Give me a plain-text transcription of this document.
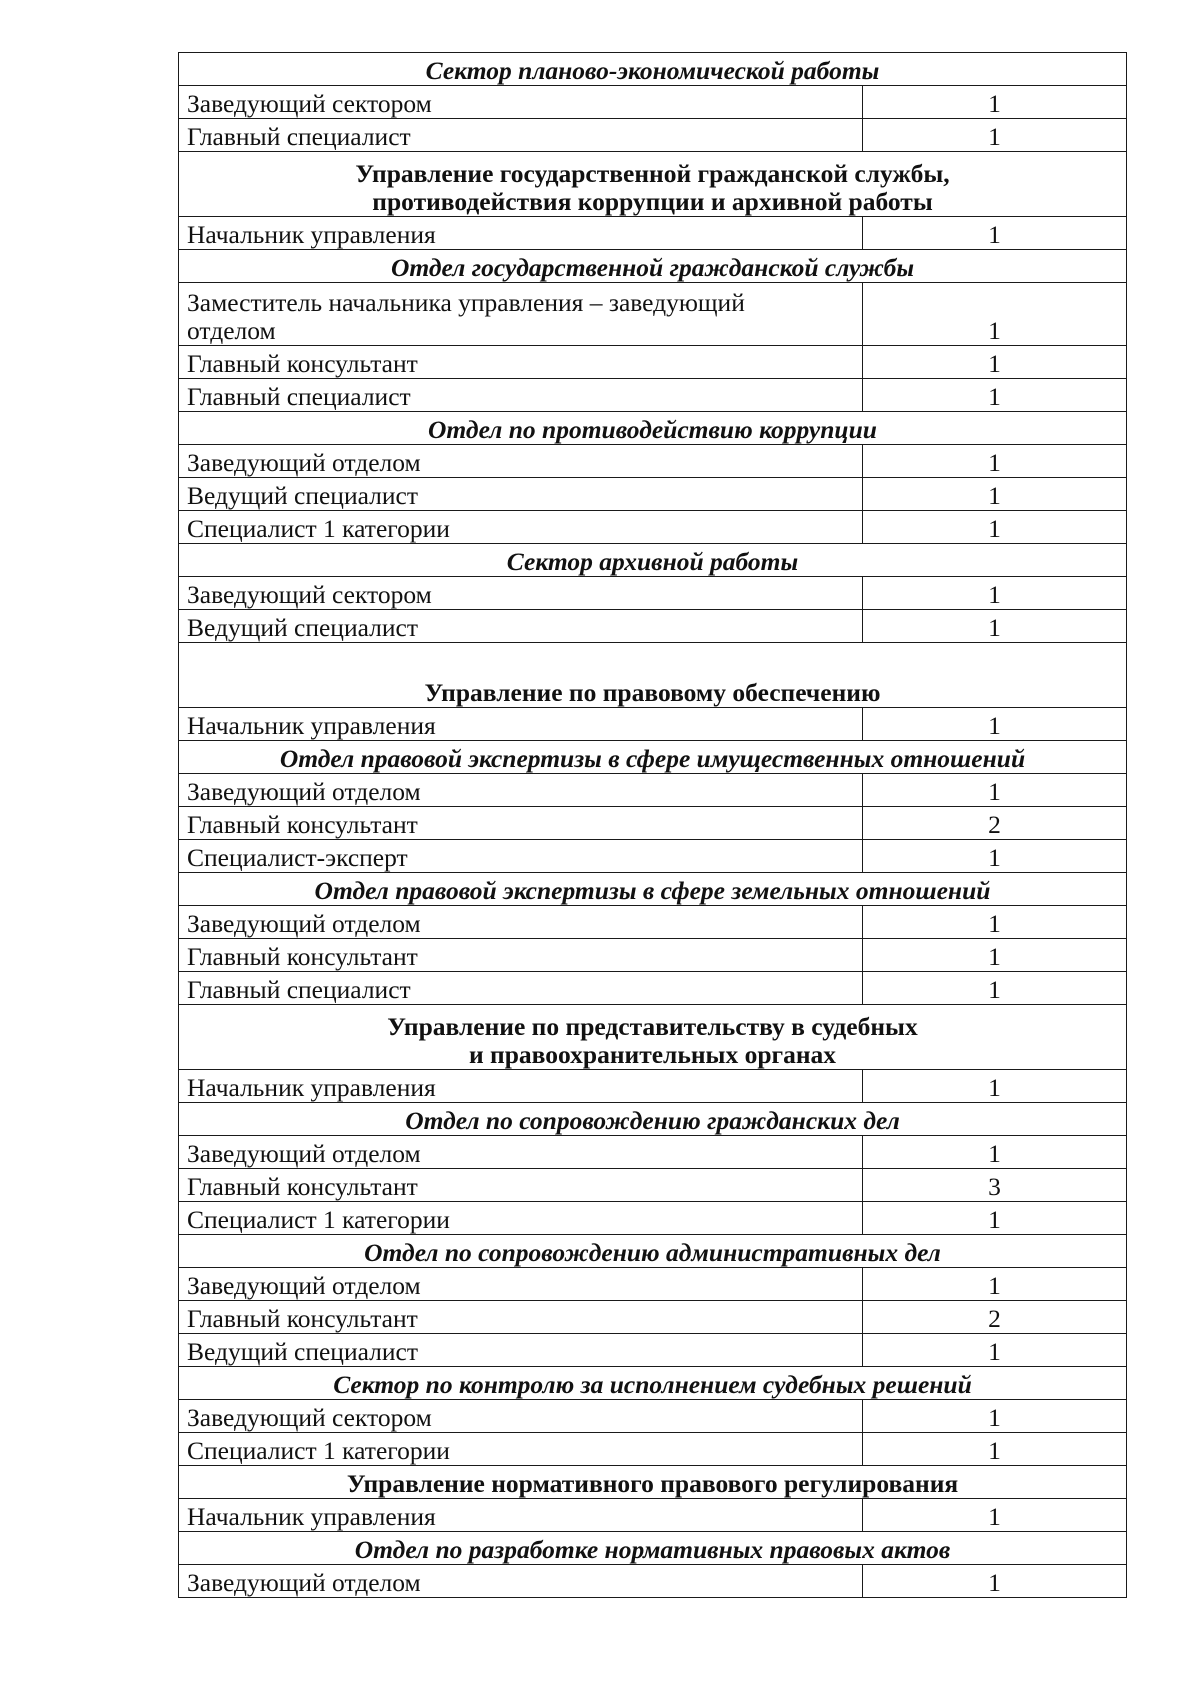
Сектор планово-экономической работы	
Заведующий сектором	1
Главный специалист	1

Управление государственной гражданской службы,
противодействия коррупции и архивной работы	

Начальник управления	1
Отдел государственной гражданской службы	

Заместитель начальника управления – заведующий
отделом	1
Главный консультант	1
Главный специалист	1
Отдел по противодействию коррупции	
Заведующий отделом	1
Ведущий специалист	1
Специалист 1 категории	1
Сектор архивной работы	
Заведующий сектором	1
Ведущий специалист	1

Управление по правовому обеспечению	

Начальник управления	1
Отдел правовой экспертизы в сфере имущественных отношений	
Заведующий отделом	1
Главный консультант	2
Специалист-эксперт	1
Отдел правовой экспертизы в сфере земельных отношений	
Заведующий отделом	1
Главный консультант	1
Главный специалист	1

Управление по представительству в судебных
и правоохранительных органах	

Начальник управления	1
Отдел по сопровождению гражданских дел	
Заведующий отделом	1
Главный консультант	3
Специалист 1 категории	1
Отдел по сопровождению административных дел	
Заведующий отделом	1
Главный консультант	2
Ведущий специалист	1
Сектор по контролю за исполнением судебных решений	
Заведующий сектором	1
Специалист 1 категории	1

Управление нормативного правового регулирования	

Начальник управления	1
Отдел по разработке нормативных правовых актов	
Заведующий отделом	1
